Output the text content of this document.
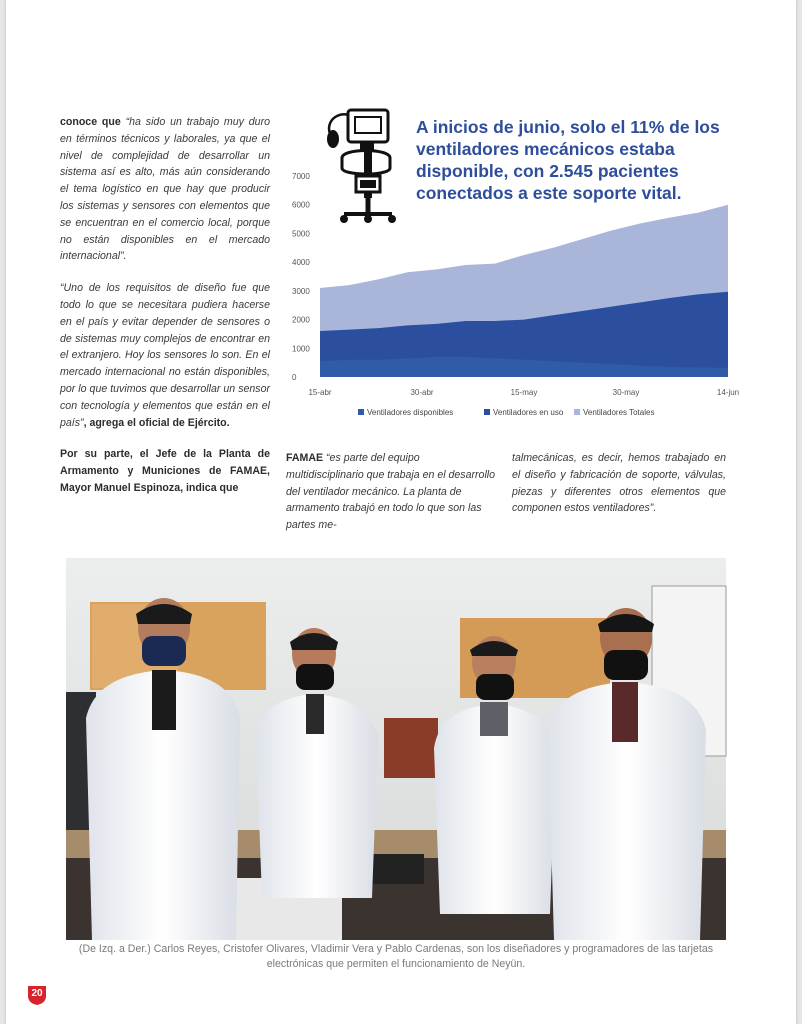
conoce que “ha sido un trabajo muy duro en términos técnicos y laborales, ya que el nivel de complejidad de desarrollar un sistema así es alto, más aún considerando el tema logístico en que hay que producir los sistemas y sensores con elementos que se encuentran en el comercio local, porque no están disponibles en el mercado internacional”.

“Uno de los requisitos de diseño fue que todo lo que se necesitara pudiera hacerse en el país y evitar depender de sensores o de sistemas muy complejos de encontrar en el extranjero. Hoy los sensores lo son. En el mercado internacional no están disponibles, por lo que tuvimos que desarrollar un sensor con tecnología y elementos que están en el país”, agrega el oficial de Ejército.

Por su parte, el Jefe de la Planta de Armamento y Municiones de FAMAE, Mayor Manuel Espinoza, indica que

FAMAE “es parte del equipo multidisciplinario que trabaja en el desarrollo del ventilador mecánico. La planta de armamento trabajó en todo lo que son las partes me-

talmecánicas, es decir, hemos trabajado en el diseño y fabricación de soporte, válvulas, piezas y diferentes otros elementos que componen estos ventiladores”.

A inicios de junio, solo el 11% de los ventiladores mecánicos estaba disponible, con 2.545 pacientes conectados a este soporte vital.
0
1000
2000
3000
4000
5000
6000
7000
15-abr	30-abr	15-may	30-may	14-jun
Ventiladores disponibles	Ventiladores en uso Ventiladores Totales
(De Izq. a Der.) Carlos Reyes, Cristofer Olivares, Vladimir Vera y Pablo Cardenas, son los diseñadores y programadores de las tarjetas electrónicas que permiten el funcionamiento de Neyün.
20
